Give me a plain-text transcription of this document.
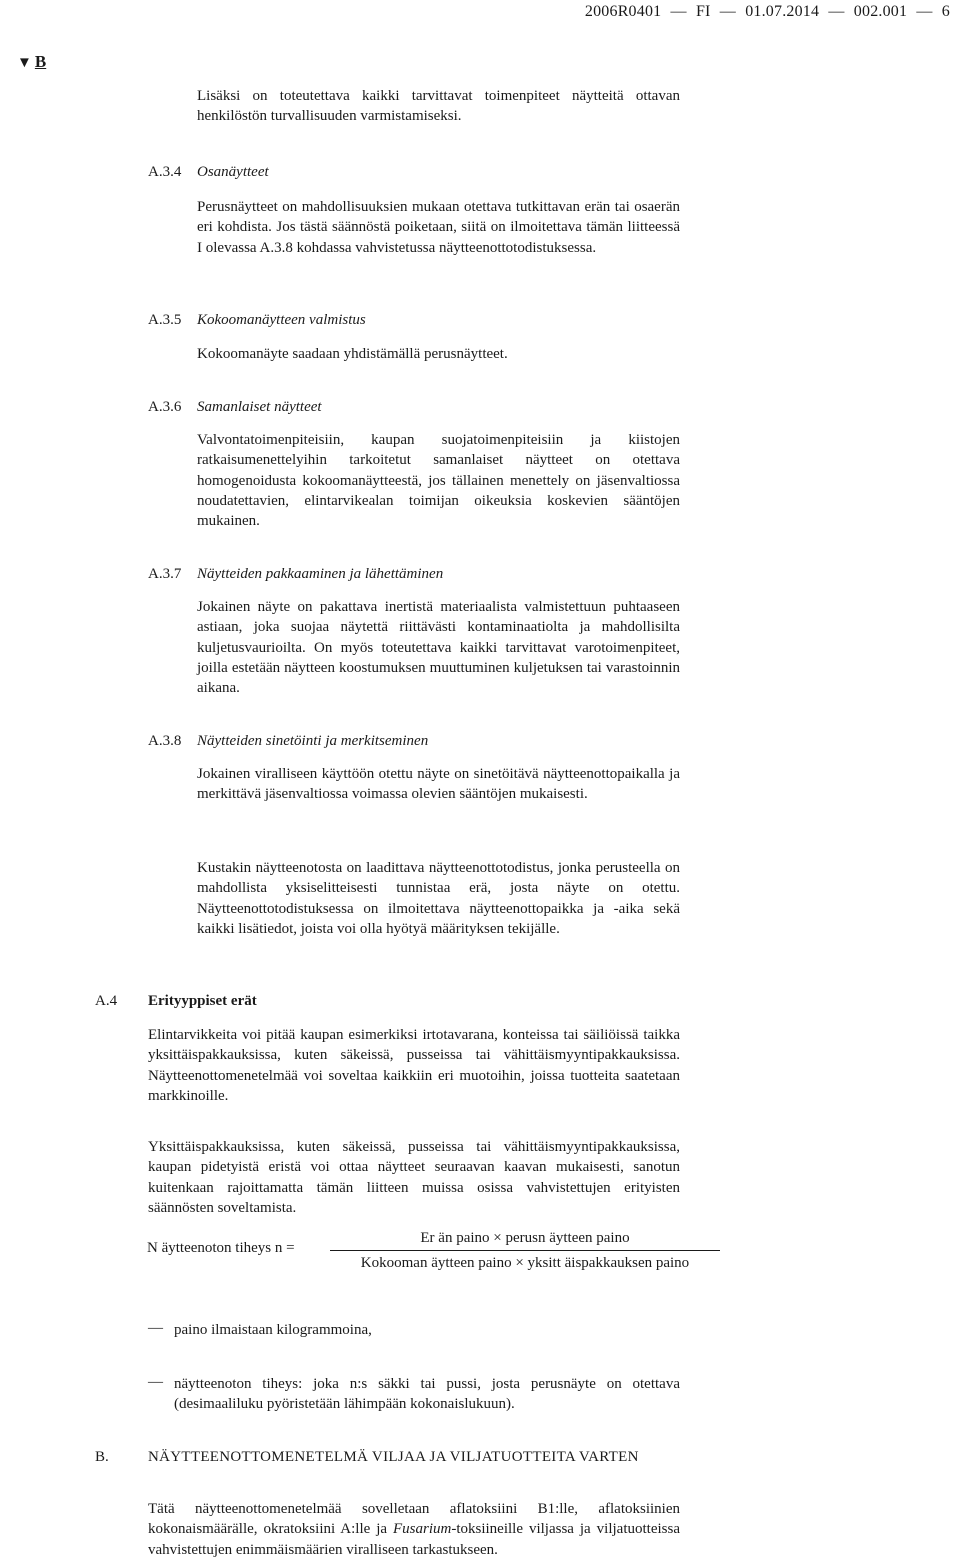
2006R0401 — FI — 01.07.2014 — 002.001 — 6
▼ B

Lisäksi on toteutettava kaikki tarvittavat toimenpiteet näytteitä ottavan henkilöstön turvallisuuden varmistamiseksi.

A.3.4 Osanäytteet

Perusnäytteet on mahdollisuuksien mukaan otettava tutkittavan erän tai osaerän eri kohdista. Jos tästä säännöstä poiketaan, siitä on ilmoitettava tämän liitteessä I olevassa A.3.8 kohdassa vahvistetussa näytteenottotodistuksessa.

A.3.5 Kokoomanäytteen valmistus

Kokoomanäyte saadaan yhdistämällä perusnäytteet.

A.3.6 Samanlaiset näytteet

Valvontatoimenpiteisiin, kaupan suojatoimenpiteisiin ja kiistojen ratkaisumenettelyihin tarkoitetut samanlaiset näytteet on otettava homogenoidusta kokoomanäytteestä, jos tällainen menettely on jäsenvaltiossa noudatettavien, elintarvikealan toimijan oikeuksia koskevien sääntöjen mukainen.

A.3.7 Näytteiden pakkaaminen ja lähettäminen

Jokainen näyte on pakattava inertistä materiaalista valmistettuun puhtaaseen astiaan, joka suojaa näytettä riittävästi kontaminaatiolta ja mahdollisilta kuljetusvaurioilta. On myös toteutettava kaikki tarvittavat varotoimenpiteet, joilla estetään näytteen koostumuksen muuttuminen kuljetuksen tai varastoinnin aikana.

A.3.8 Näytteiden sinetöinti ja merkitseminen

Jokainen viralliseen käyttöön otettu näyte on sinetöitävä näytteenottopaikalla ja merkittävä jäsenvaltiossa voimassa olevien sääntöjen mukaisesti.

Kustakin näytteenotosta on laadittava näytteenottotodistus, jonka perusteella on mahdollista yksiselitteisesti tunnistaa erä, josta näyte on otettu. Näytteenottotodistuksessa on ilmoitettava näytteenottopaikka ja -aika sekä kaikki lisätiedot, joista voi olla hyötyä määrityksen tekijälle.

A.4 Erityyppiset erät

Elintarvikkeita voi pitää kaupan esimerkiksi irtotavarana, konteissa tai säiliöissä taikka yksittäispakkauksissa, kuten säkeissä, pusseissa tai vähittäismyyntipakkauksissa. Näytteenottomenetelmää voi soveltaa kaikkiin eri muotoihin, joissa tuotteita saatetaan markkinoille.

Yksittäispakkauksissa, kuten säkeissä, pusseissa tai vähittäismyyntipakkauksissa, kaupan pidetyistä eristä voi ottaa näytteet seuraavan kaavan mukaisesti, sanotun kuitenkaan rajoittamatta tämän liitteen muissa osissa vahvistettujen erityisten säännösten soveltamista.

N äytteenoton tiheys n =
Er än paino × perusn äytteen paino
Kokooman äytteen paino × yksitt äispakkauksen paino
— paino ilmaistaan kilogrammoina,

— näytteenoton tiheys: joka n:s säkki tai pussi, josta perusnäyte on otettava (desimaaliluku pyöristetään lähimpään kokonaislukuun).

B.	NÄYTTEENOTTOMENETELMÄ VILJAA JA VILJATUOTTEITA VARTEN

Tätä näytteenottomenetelmää sovelletaan aflatoksiini B1:lle, aflatoksiinien kokonaismäärälle, okratoksiini A:lle ja Fusarium-toksiineille viljassa ja viljatuotteissa vahvistettujen enimmäismäärien viralliseen tarkastukseen.
